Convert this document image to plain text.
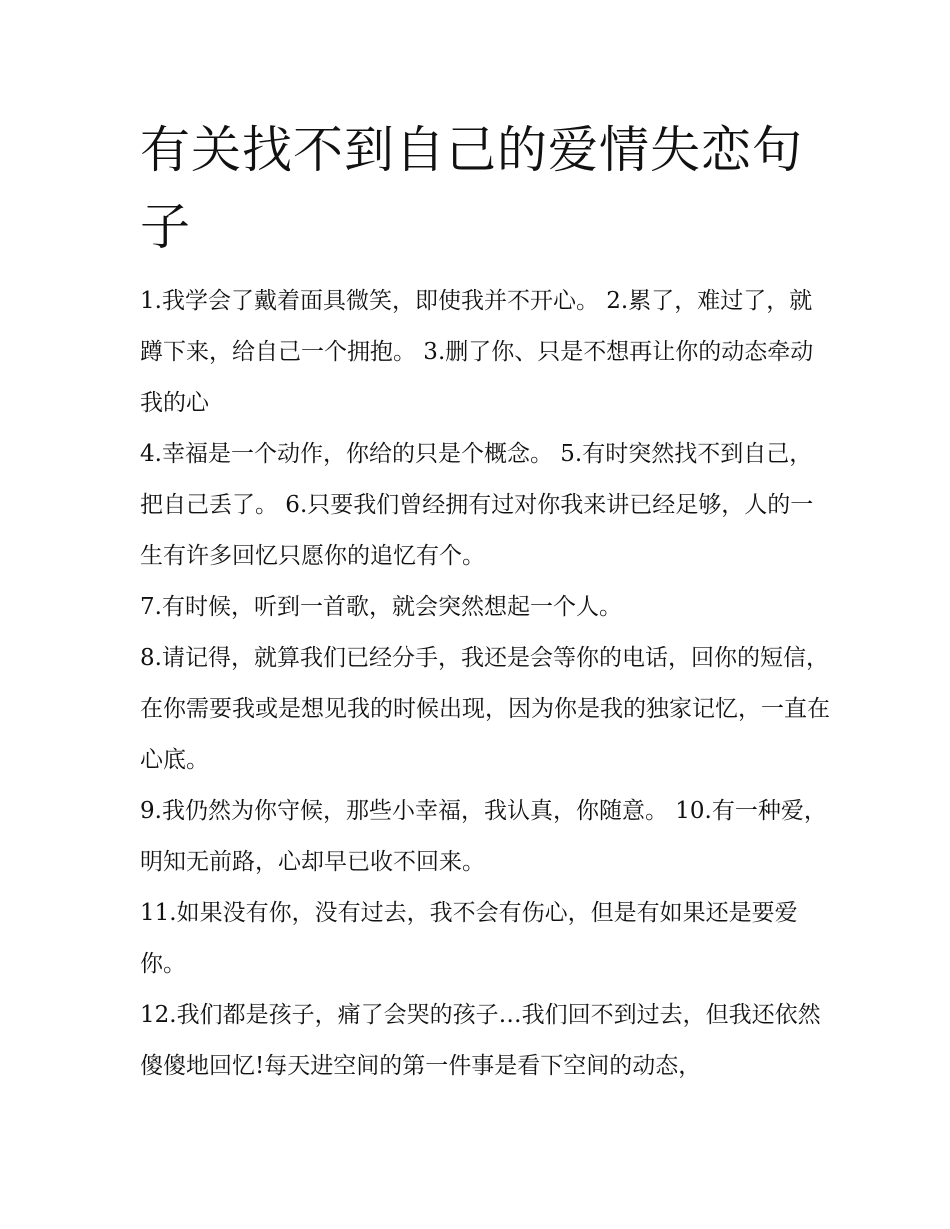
有关找不到自己的爱情失恋句子

1.我学会了戴着面具微笑，即使我并不开心。 2.累了，难过了，就蹲下来，给自己一个拥抱。 3.删了你、只是不想再让你的动态牵动我的心

4.幸福是一个动作，你给的只是个概念。 5.有时突然找不到自己，把自己丢了。 6.只要我们曾经拥有过对你我来讲已经足够，人的一生有许多回忆只愿你的追忆有个。

7.有时候，听到一首歌，就会突然想起一个人。

8.请记得，就算我们已经分手，我还是会等你的电话，回你的短信，在你需要我或是想见我的时候出现，因为你是我的独家记忆，一直在心底。

9.我仍然为你守候，那些小幸福，我认真，你随意。 10.有一种爱，明知无前路，心却早已收不回来。

11.如果没有你，没有过去，我不会有伤心，但是有如果还是要爱你。

12.我们都是孩子，痛了会哭的孩子…我们回不到过去，但我还依然傻傻地回忆!每天进空间的第一件事是看下空间的动态，
